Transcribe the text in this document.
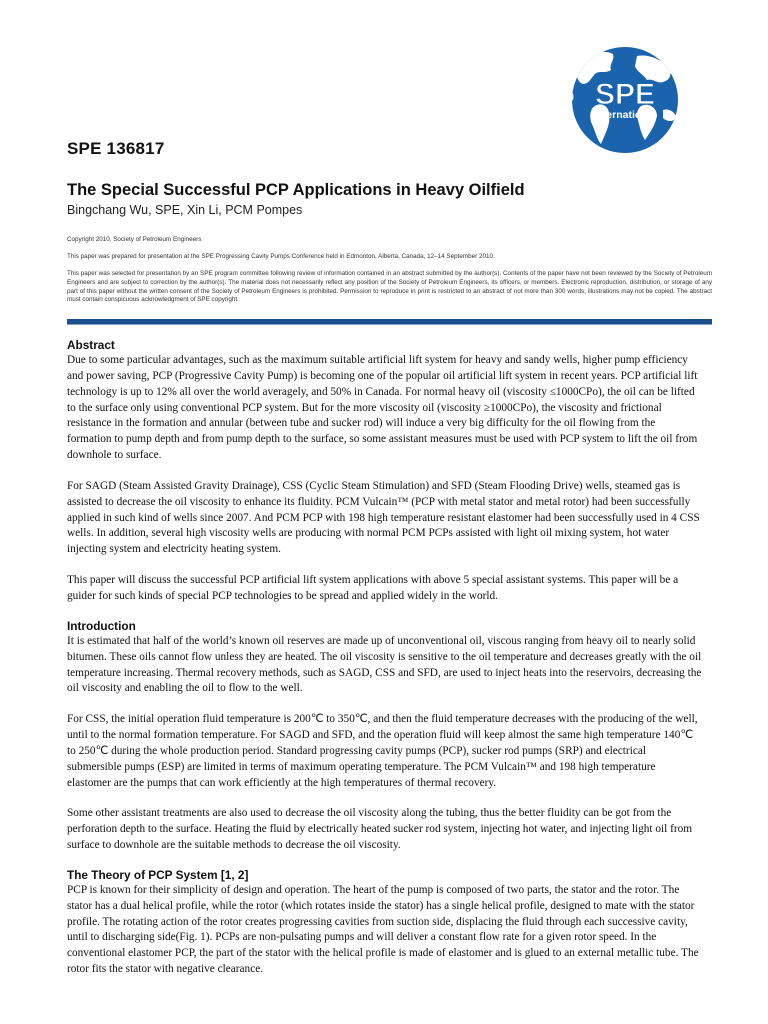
SPE
International
SPE 136817
The Special Successful PCP Applications in Heavy Oilfield

Bingchang Wu, SPE, Xin Li, PCM Pompes

Copyright 2010, Society of Petroleum Engineers

This paper was prepared for presentation at the SPE Progressing Cavity Pumps Conference held in Edmonton, Alberta, Canada, 12–14 September 2010.

This paper was selected for presentation by an SPE program committee following review of information contained in an abstract submitted by the author(s). Contents of the paper have not been reviewed by the Society of Petroleum Engineers and are subject to correction by the author(s). The material does not necessarily reflect any position of the Society of Petroleum Engineers, its officers, or members. Electronic reproduction, distribution, or storage of any part of this paper without the written consent of the Society of Petroleum Engineers is prohibited. Permission to reproduce in print is restricted to an abstract of not more than 300 words; illustrations may not be copied. The abstract must contain conspicuous acknowledgment of SPE copyright.

Abstract

Due to some particular advantages, such as the maximum suitable artificial lift system for heavy and sandy wells, higher pump efficiency and power saving, PCP (Progressive Cavity Pump) is becoming one of the popular oil artificial lift system in recent years. PCP artificial lift technology is up to 12% all over the world averagely, and 50% in Canada. For normal heavy oil (viscosity ≤1000CPo), the oil can be lifted to the surface only using conventional PCP system. But for the more viscosity oil (viscosity ≥1000CPo), the viscosity and frictional resistance in the formation and annular (between tube and sucker rod) will induce a very big difficulty for the oil flowing from the formation to pump depth and from pump depth to the surface, so some assistant measures must be used with PCP system to lift the oil from downhole to surface.

For SAGD (Steam Assisted Gravity Drainage), CSS (Cyclic Steam Stimulation) and SFD (Steam Flooding Drive) wells, steamed gas is assisted to decrease the oil viscosity to enhance its fluidity. PCM Vulcain™ (PCP with metal stator and metal rotor) had been successfully applied in such kind of wells since 2007. And PCM PCP with 198 high temperature resistant elastomer had been successfully used in 4 CSS wells. In addition, several high viscosity wells are producing with normal PCM PCPs assisted with light oil mixing system, hot water injecting system and electricity heating system.

This paper will discuss the successful PCP artificial lift system applications with above 5 special assistant systems. This paper will be a guider for such kinds of special PCP technologies to be spread and applied widely in the world.

Introduction

It is estimated that half of the world’s known oil reserves are made up of unconventional oil, viscous ranging from heavy oil to nearly solid bitumen. These oils cannot flow unless they are heated. The oil viscosity is sensitive to the oil temperature and decreases greatly with the oil temperature increasing. Thermal recovery methods, such as SAGD, CSS and SFD, are used to inject heats into the reservoirs, decreasing the oil viscosity and enabling the oil to flow to the well.

For CSS, the initial operation fluid temperature is 200℃ to 350℃, and then the fluid temperature decreases with the producing of the well, until to the normal formation temperature. For SAGD and SFD, and the operation fluid will keep almost the same high temperature 140℃ to 250℃ during the whole production period. Standard progressing cavity pumps (PCP), sucker rod pumps (SRP) and electrical submersible pumps (ESP) are limited in terms of maximum operating temperature. The PCM Vulcain™ and 198 high temperature elastomer are the pumps that can work efficiently at the high temperatures of thermal recovery.

Some other assistant treatments are also used to decrease the oil viscosity along the tubing, thus the better fluidity can be got from the perforation depth to the surface. Heating the fluid by electrically heated sucker rod system, injecting hot water, and injecting light oil from surface to downhole are the suitable methods to decrease the oil viscosity.

The Theory of PCP System [1, 2]

PCP is known for their simplicity of design and operation. The heart of the pump is composed of two parts, the stator and the rotor. The stator has a dual helical profile, while the rotor (which rotates inside the stator) has a single helical profile, designed to mate with the stator profile. The rotating action of the rotor creates progressing cavities from suction side, displacing the fluid through each successive cavity, until to discharging side(Fig. 1). PCPs are non-pulsating pumps and will deliver a constant flow rate for a given rotor speed. In the conventional elastomer PCP, the part of the stator with the helical profile is made of elastomer and is glued to an external metallic tube. The rotor fits the stator with negative clearance.
